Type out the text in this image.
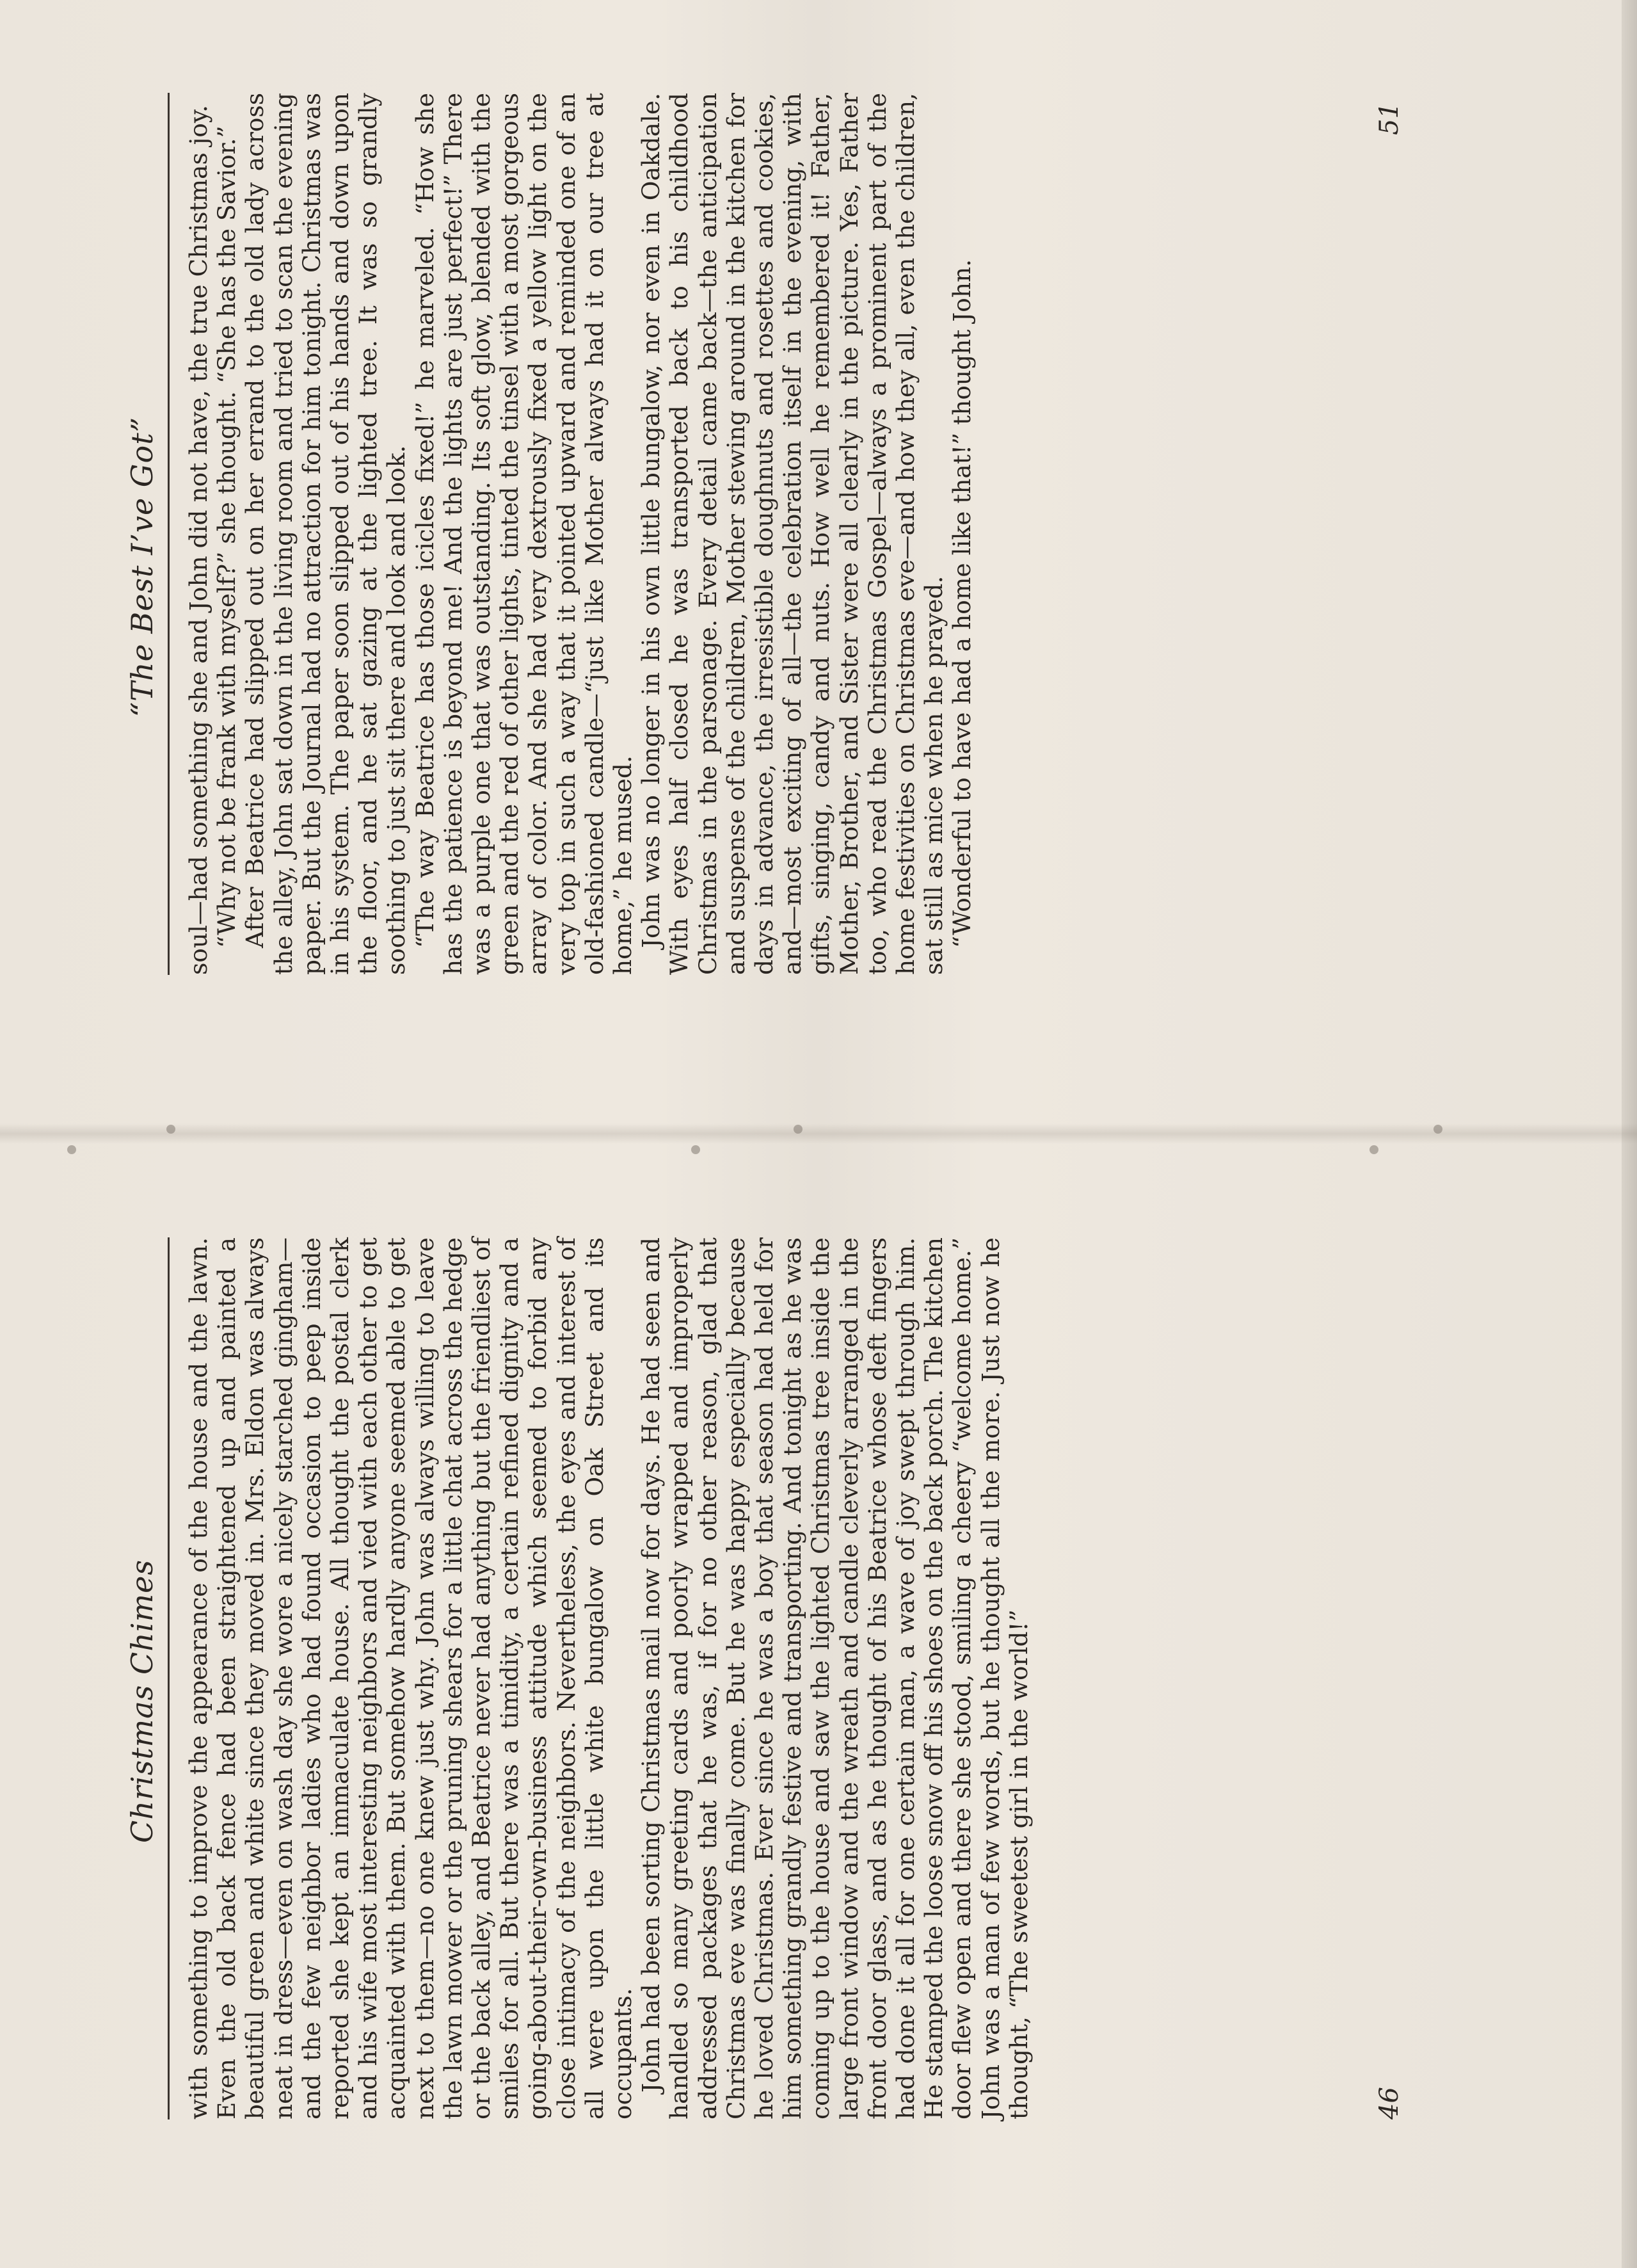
Christmas Chimes with something to improve the appearance of the house and the lawn. Even the old back fence had been straightened up and painted a beautiful green and white since they moved in. Mrs. Eldon was always neat in dress—even on wash day she wore a nicely starched gingham—and the few neighbor ladies who had found occasion to peep inside reported she kept an immaculate house. All thought the postal clerk and his wife most interesting neighbors and vied with each other to get acquainted with them. But somehow hardly anyone seemed able to get next to them—no one knew just why. John was always willing to leave the lawn mower or the pruning shears for a little chat across the hedge or the back alley, and Beatrice never had anything but the friendliest of smiles for all. But there was a timidity, a certain refined dignity and a going-about-their-own-business attitude which seemed to forbid any close intimacy of the neighbors. Nevertheless, the eyes and interest of all were upon the little white bungalow on Oak Street and its occupants. John had been sorting Christmas mail now for days. He had seen and handled so many greeting cards and poorly wrapped and improperly addressed packages that he was, if for no other reason, glad that Christmas eve was finally come. But he was happy especially because he loved Christmas. Ever since he was a boy that season had held for him something grandly festive and transporting. And tonight as he was coming up to the house and saw the lighted Christmas tree inside the large front window and the wreath and candle cleverly arranged in the front door glass, and as he thought of his Beatrice whose deft fingers had done it all for one certain man, a wave of joy swept through him. He stamped the loose snow off his shoes on the back porch. The kitchen door flew open and there she stood, smiling a cheery “welcome home.” John was a man of few words, but he thought all the more. Just now he thought, “The sweetest girl in the world!”	46
“The Best I’ve Got” soul—had something she and John did not have, the true Christmas joy. “Why not be frank with myself?” she thought. “She has the Savior.” After Beatrice had slipped out on her errand to the old lady across the alley, John sat down in the living room and tried to scan the evening paper. But the Journal had no attraction for him tonight. Christmas was in his system. The paper soon slipped out of his hands and down upon the floor, and he sat gazing at the lighted tree. It was so grandly soothing to just sit there and look and look. “The way Beatrice has those icicles fixed!” he marveled. “How she has the patience is beyond me! And the lights are just perfect!” There was a purple one that was outstanding. Its soft glow, blended with the green and the red of other lights, tinted the tinsel with a most gorgeous array of color. And she had very dextrously fixed a yellow light on the very top in such a way that it pointed upward and reminded one of an old-fashioned candle—“just like Mother always had it on our tree at home,” he mused. John was no longer in his own little bungalow, nor even in Oakdale. With eyes half closed he was transported back to his childhood Christmas in the parsonage. Every detail came back—the anticipation and suspense of the children, Mother stewing around in the kitchen for days in advance, the irresistible doughnuts and rosettes and cookies, and—most exciting of all—the celebration itself in the evening, with gifts, singing, candy and nuts. How well he remembered it! Father, Mother, Brother, and Sister were all clearly in the picture. Yes, Father too, who read the Christmas Gospel—always a prominent part of the home festivities on Christmas eve—and how they all, even the children, sat still as mice when he prayed. “Wonderful to have had a home like that!” thought John.

51
